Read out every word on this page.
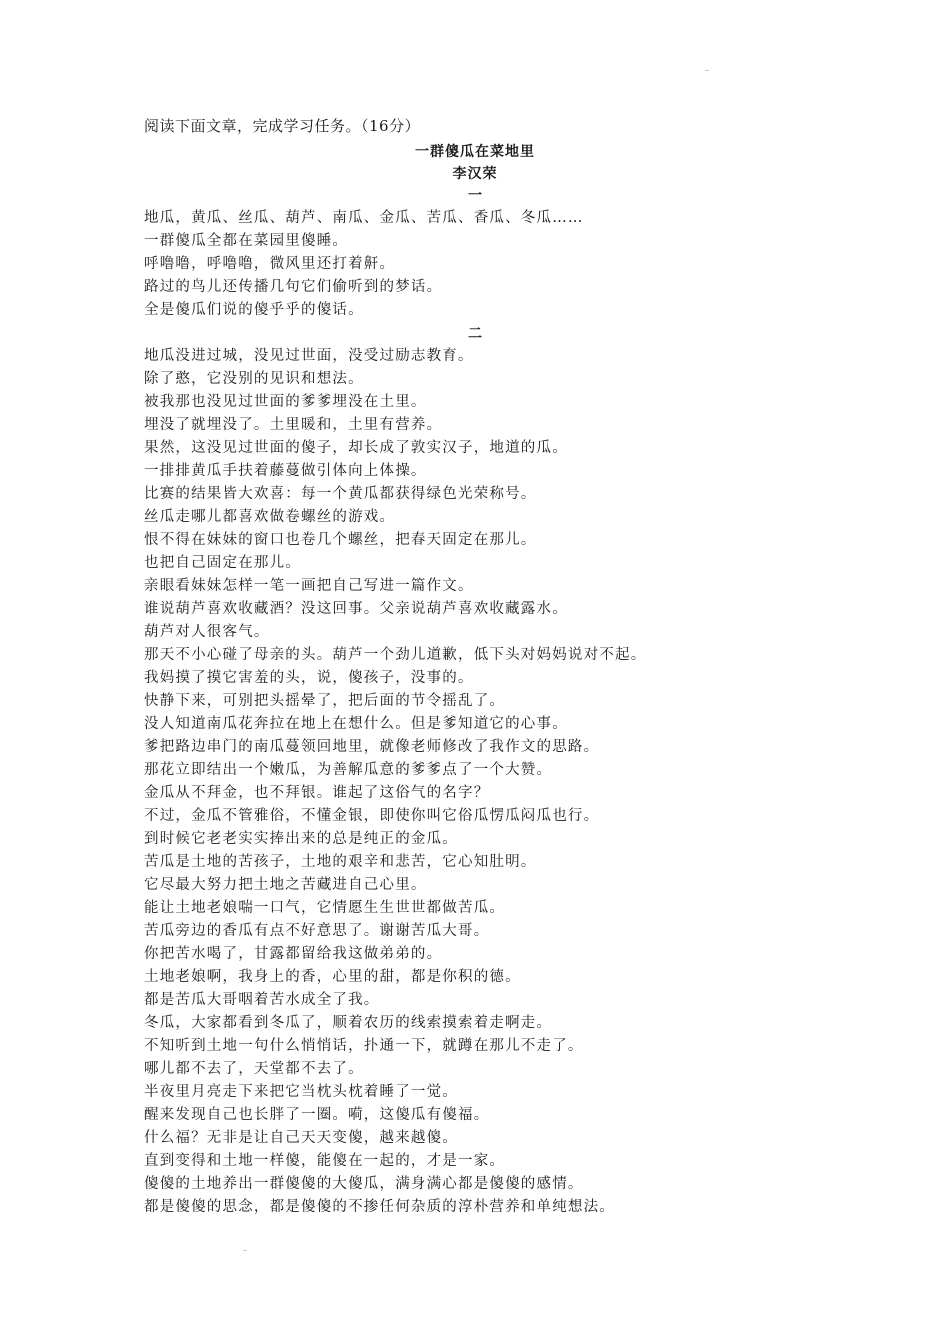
阅读下面文章，完成学习任务。（16分）
一群傻瓜在菜地里
李汉荣
一
地瓜，黄瓜、丝瓜、葫芦、南瓜、金瓜、苦瓜、香瓜、冬瓜……
一群傻瓜全都在菜园里傻睡。
呼噜噜，呼噜噜，微风里还打着鼾。
路过的鸟儿还传播几句它们偷听到的梦话。
全是傻瓜们说的傻乎乎的傻话。
二
地瓜没进过城，没见过世面，没受过励志教育。
除了憨，它没别的见识和想法。
被我那也没见过世面的爹爹埋没在土里。
埋没了就埋没了。土里暖和，土里有营养。
果然，这没见过世面的傻子，却长成了敦实汉子，地道的瓜。
一排排黄瓜手扶着藤蔓做引体向上体操。
比赛的结果皆大欢喜：每一个黄瓜都获得绿色光荣称号。
丝瓜走哪儿都喜欢做卷螺丝的游戏。
恨不得在妹妹的窗口也卷几个螺丝，把春天固定在那儿。
也把自己固定在那儿。
亲眼看妹妹怎样一笔一画把自己写进一篇作文。
谁说葫芦喜欢收藏酒？没这回事。父亲说葫芦喜欢收藏露水。
葫芦对人很客气。
那天不小心碰了母亲的头。葫芦一个劲儿道歉，低下头对妈妈说对不起。
我妈摸了摸它害羞的头，说，傻孩子，没事的。
快静下来，可别把头摇晕了，把后面的节令摇乱了。
没人知道南瓜花奔拉在地上在想什么。但是爹知道它的心事。
爹把路边串门的南瓜蔓领回地里，就像老师修改了我作文的思路。
那花立即结出一个嫩瓜，为善解瓜意的爹爹点了一个大赞。
金瓜从不拜金，也不拜银。谁起了这俗气的名字？
不过，金瓜不管雅俗，不懂金银，即使你叫它俗瓜愣瓜闷瓜也行。
到时候它老老实实捧出来的总是纯正的金瓜。
苦瓜是土地的苦孩子，土地的艰辛和悲苦，它心知肚明。
它尽最大努力把土地之苦藏进自己心里。
能让土地老娘喘一口气，它情愿生生世世都做苦瓜。
苦瓜旁边的香瓜有点不好意思了。谢谢苦瓜大哥。
你把苦水喝了，甘露都留给我这做弟弟的。
土地老娘啊，我身上的香，心里的甜，都是你积的德。
都是苦瓜大哥咽着苦水成全了我。
冬瓜，大家都看到冬瓜了，顺着农历的线索摸索着走啊走。
不知听到土地一句什么悄悄话，扑通一下，就蹲在那儿不走了。
哪儿都不去了，天堂都不去了。
半夜里月亮走下来把它当枕头枕着睡了一觉。
醒来发现自己也长胖了一圈。嗬，这傻瓜有傻福。
什么福？无非是让自己天天变傻，越来越傻。
直到变得和土地一样傻，能傻在一起的，才是一家。
傻傻的土地养出一群傻傻的大傻瓜，满身满心都是傻傻的感情。
都是傻傻的思念，都是傻傻的不掺任何杂质的淳朴营养和单纯想法。
